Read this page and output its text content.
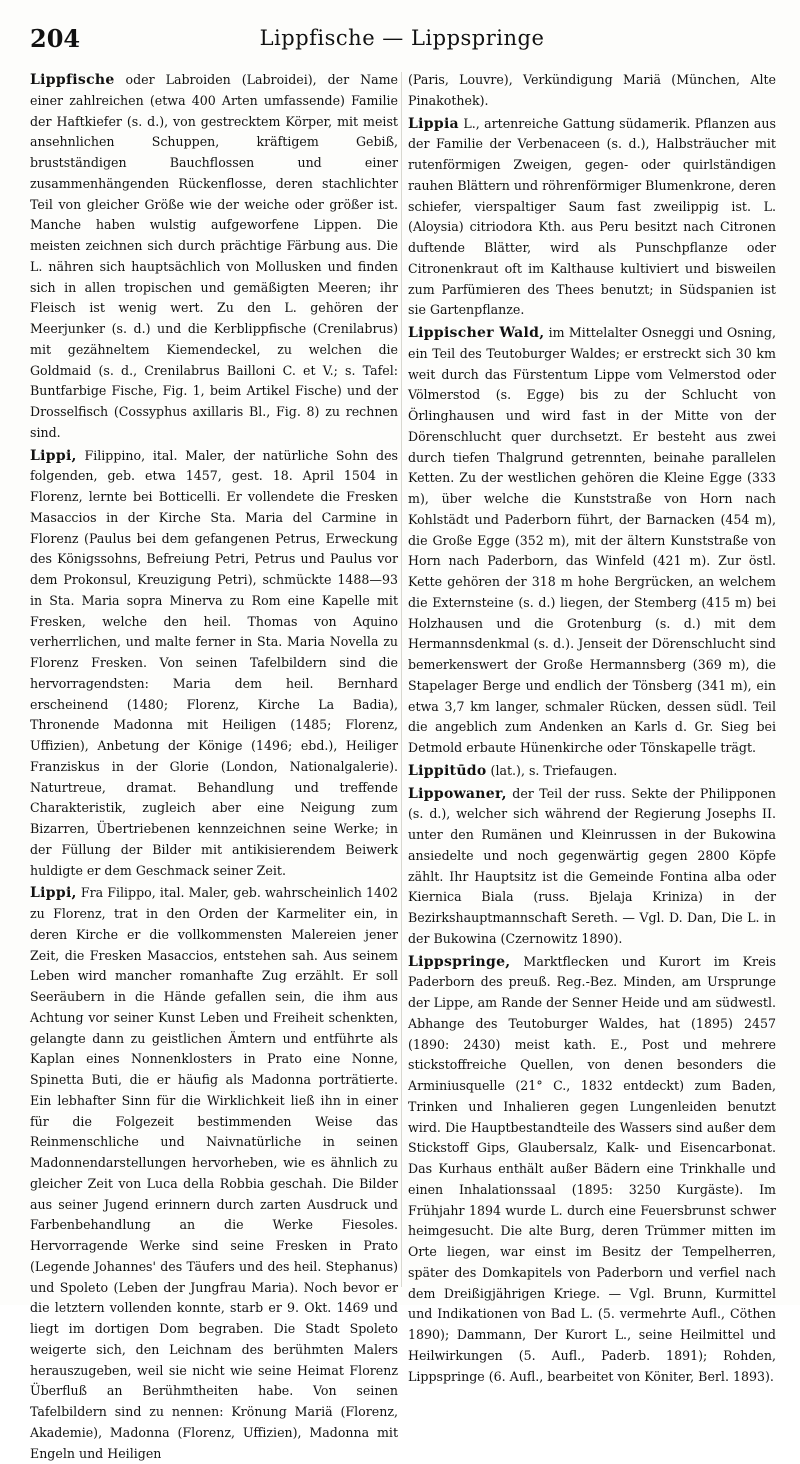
204	Lippfische — Lippspringe

Lippfische oder Labroiden (Labroidei), der Name einer zahlreichen (etwa 400 Arten umfassende) Familie der Haftkiefer (s. d.), von gestrecktem Körper, mit meist ansehnlichen Schuppen, kräftigem Gebiß, brustständigen Bauchflossen und einer zusammenhängenden Rückenflosse, deren stachlichter Teil von gleicher Größe wie der weiche oder größer ist. Manche haben wulstig aufgeworfene Lippen. Die meisten zeichnen sich durch prächtige Färbung aus. Die L. nähren sich hauptsächlich von Mollusken und finden sich in allen tropischen und gemäßigten Meeren; ihr Fleisch ist wenig wert. Zu den L. gehören der Meerjunker (s. d.) und die Kerblippfische (Crenilabrus) mit gezähneltem Kiemendeckel, zu welchen die Goldmaid (s. d., Crenilabrus Bailloni C. et V.; s. Tafel: Buntfarbige Fische, Fig. 1, beim Artikel Fische) und der Drosselfisch (Cossyphus axillaris Bl., Fig. 8) zu rechnen sind.

Lippi, Filippino, ital. Maler, der natürliche Sohn des folgenden, geb. etwa 1457, gest. 18. April 1504 in Florenz, lernte bei Botticelli. Er vollendete die Fresken Masaccios in der Kirche Sta. Maria del Carmine in Florenz (Paulus bei dem gefangenen Petrus, Erweckung des Königssohns, Befreiung Petri, Petrus und Paulus vor dem Prokonsul, Kreuzigung Petri), schmückte 1488—93 in Sta. Maria sopra Minerva zu Rom eine Kapelle mit Fresken, welche den heil. Thomas von Aquino verherrlichen, und malte ferner in Sta. Maria Novella zu Florenz Fresken. Von seinen Tafelbildern sind die hervorragendsten: Maria dem heil. Bernhard erscheinend (1480; Florenz, Kirche La Badia), Thronende Madonna mit Heiligen (1485; Florenz, Uffizien), Anbetung der Könige (1496; ebd.), Heiliger Franziskus in der Glorie (London, Nationalgalerie). Naturtreue, dramat. Behandlung und treffende Charakteristik, zugleich aber eine Neigung zum Bizarren, Übertriebenen kennzeichnen seine Werke; in der Füllung der Bilder mit antikisierendem Beiwerk huldigte er dem Geschmack seiner Zeit.

Lippi, Fra Filippo, ital. Maler, geb. wahrscheinlich 1402 zu Florenz, trat in den Orden der Karmeliter ein, in deren Kirche er die vollkommensten Malereien jener Zeit, die Fresken Masaccios, entstehen sah. Aus seinem Leben wird mancher romanhafte Zug erzählt. Er soll Seeräubern in die Hände gefallen sein, die ihm aus Achtung vor seiner Kunst Leben und Freiheit schenkten, gelangte dann zu geistlichen Ämtern und entführte als Kaplan eines Nonnenklosters in Prato eine Nonne, Spinetta Buti, die er häufig als Madonna porträtierte. Ein lebhafter Sinn für die Wirklichkeit ließ ihn in einer für die Folgezeit bestimmenden Weise das Reinmenschliche und Naivnatürliche in seinen Madonnendarstellungen hervorheben, wie es ähnlich zu gleicher Zeit von Luca della Robbia geschah. Die Bilder aus seiner Jugend erinnern durch zarten Ausdruck und Farbenbehandlung an die Werke Fiesoles. Hervorragende Werke sind seine Fresken in Prato (Legende Johannes' des Täufers und des heil. Stephanus) und Spoleto (Leben der Jungfrau Maria). Noch bevor er die letztern vollenden konnte, starb er 9. Okt. 1469 und liegt im dortigen Dom begraben. Die Stadt Spoleto weigerte sich, den Leichnam des berühmten Malers herauszugeben, weil sie nicht wie seine Heimat Florenz Überfluß an Berühmtheiten habe. Von seinen Tafelbildern sind zu nennen: Krönung Mariä (Florenz, Akademie), Madonna (Florenz, Uffizien), Madonna mit Engeln und Heiligen

(Paris, Louvre), Verkündigung Mariä (München, Alte Pinakothek).

Lippia L., artenreiche Gattung südamerik. Pflanzen aus der Familie der Verbenaceen (s. d.), Halbsträucher mit rutenförmigen Zweigen, gegen- oder quirlständigen rauhen Blättern und röhrenförmiger Blumenkrone, deren schiefer, vierspaltiger Saum fast zweilippig ist. L. (Aloysia) citriodora Kth. aus Peru besitzt nach Citronen duftende Blätter, wird als Punschpflanze oder Citronenkraut oft im Kalthause kultiviert und bisweilen zum Parfümieren des Thees benutzt; in Südspanien ist sie Gartenpflanze.

Lippischer Wald, im Mittelalter Osneggi und Osning, ein Teil des Teutoburger Waldes; er erstreckt sich 30 km weit durch das Fürstentum Lippe vom Velmerstod oder Völmerstod (s. Egge) bis zu der Schlucht von Örlinghausen und wird fast in der Mitte von der Dörenschlucht quer durchsetzt. Er besteht aus zwei durch tiefen Thalgrund getrennten, beinahe parallelen Ketten. Zu der westlichen gehören die Kleine Egge (333 m), über welche die Kunststraße von Horn nach Kohlstädt und Paderborn führt, der Barnacken (454 m), die Große Egge (352 m), mit der ältern Kunststraße von Horn nach Paderborn, das Winfeld (421 m). Zur östl. Kette gehören der 318 m hohe Bergrücken, an welchem die Externsteine (s. d.) liegen, der Stemberg (415 m) bei Holzhausen und die Grotenburg (s. d.) mit dem Hermannsdenkmal (s. d.). Jenseit der Dörenschlucht sind bemerkenswert der Große Hermannsberg (369 m), die Stapelager Berge und endlich der Tönsberg (341 m), ein etwa 3,7 km langer, schmaler Rücken, dessen südl. Teil die angeblich zum Andenken an Karls d. Gr. Sieg bei Detmold erbaute Hünenkirche oder Tönskapelle trägt.

Lippitūdo (lat.), s. Triefaugen.

Lippowaner, der Teil der russ. Sekte der Philipponen (s. d.), welcher sich während der Regierung Josephs II. unter den Rumänen und Kleinrussen in der Bukowina ansiedelte und noch gegenwärtig gegen 2800 Köpfe zählt. Ihr Hauptsitz ist die Gemeinde Fontina alba oder Kiernica Biala (russ. Bjelaja Kriniza) in der Bezirkshauptmannschaft Sereth. — Vgl. D. Dan, Die L. in der Bukowina (Czernowitz 1890).

Lippspringe, Marktflecken und Kurort im Kreis Paderborn des preuß. Reg.-Bez. Minden, am Ursprunge der Lippe, am Rande der Senner Heide und am südwestl. Abhange des Teutoburger Waldes, hat (1895) 2457 (1890: 2430) meist kath. E., Post und mehrere stickstoffreiche Quellen, von denen besonders die Arminiusquelle (21° C., 1832 entdeckt) zum Baden, Trinken und Inhalieren gegen Lungenleiden benutzt wird. Die Hauptbestandteile des Wassers sind außer dem Stickstoff Gips, Glaubersalz, Kalk- und Eisencarbonat. Das Kurhaus enthält außer Bädern eine Trinkhalle und einen Inhalationssaal (1895: 3250 Kurgäste). Im Frühjahr 1894 wurde L. durch eine Feuersbrunst schwer heimgesucht. Die alte Burg, deren Trümmer mitten im Orte liegen, war einst im Besitz der Tempelherren, später des Domkapitels von Paderborn und verfiel nach dem Dreißigjährigen Kriege. — Vgl. Brunn, Kurmittel und Indikationen von Bad L. (5. vermehrte Aufl., Cöthen 1890); Dammann, Der Kurort L., seine Heilmittel und Heilwirkungen (5. Aufl., Paderb. 1891); Rohden, Lippspringe (6. Aufl., bearbeitet von Köniter, Berl. 1893).
